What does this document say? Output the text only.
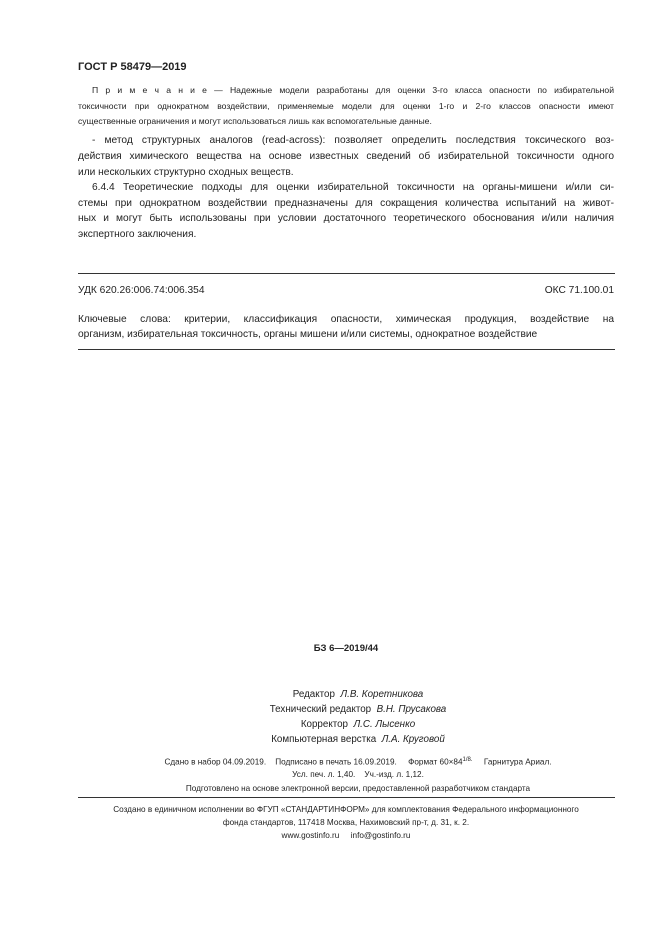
ГОСТ Р 58479—2019
П р и м е ч а н и е — Надежные модели разработаны для оценки 3-го класса опасности по избирательной
токсичности при однократном воздействии, применяемые модели для оценки 1-го и 2-го классов опасности имеют
существенные ограничения и могут использоваться лишь как вспомогательные данные.
- метод структурных аналогов (read-across): позволяет определить последствия токсического воз-
действия химического вещества на основе известных сведений об избирательной токсичности одного
или нескольких структурно сходных веществ.
6.4.4 Теоретические подходы для оценки избирательной токсичности на органы-мишени и/или си-
стемы при однократном воздействии предназначены для сокращения количества испытаний на живот-
ных и могут быть использованы при условии достаточного теоретического обоснования и/или наличия
экспертного заключения.
УДК 620.26:006.74:006.354	ОКС 71.100.01
Ключевые слова: критерии, классификация опасности, химическая продукция, воздействие на
организм, избирательная токсичность, органы мишени и/или системы, однократное воздействие
БЗ 6—2019/44
Редактор Л.В. Коретникова
Технический редактор В.Н. Прусакова
Корректор Л.С. Лысенко
Компьютерная верстка Л.А. Круговой
Сдано в набор 04.09.2019. Подписано в печать 16.09.2019. Формат $60\times 84^{1/8.}$ Гарнитура Ариал.
Усл. печ. л. 1,40.    Уч.-изд. л. 1,12.
Подготовлено на основе электронной версии, предоставленной разработчиком стандарта
Создано в единичном исполнении во ФГУП «СТАНДАРТИНФОРМ» для комплектования Федерального информационного
фонда стандартов, 117418 Москва, Нахимовский пр-т, д. 31, к. 2.
www.gostinfo.ru info@gostinfo.ru
